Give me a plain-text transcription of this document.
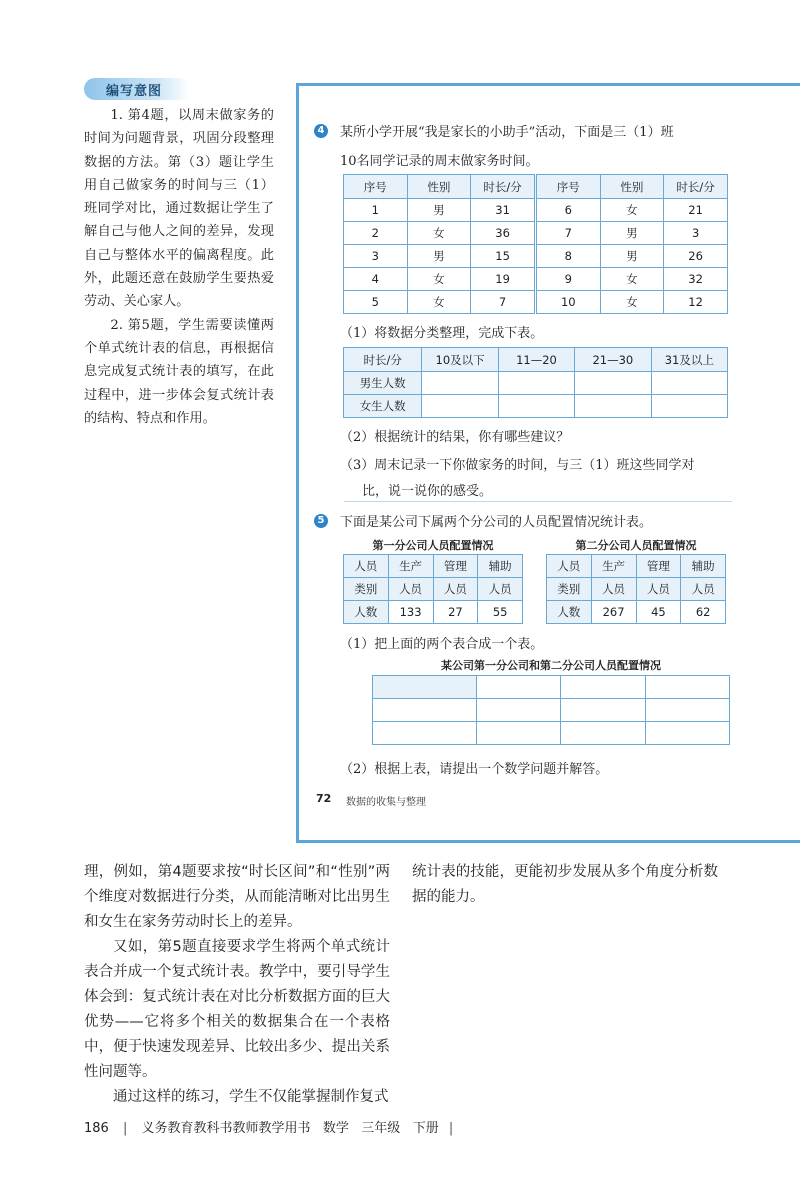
编写意图

1. 第4题，以周末做家务的时间为问题背景，巩固分段整理数据的方法。第（3）题让学生用自己做家务的时间与三（1）班同学对比，通过数据让学生了解自己与他人之间的差异，发现自己与整体水平的偏离程度。此外，此题还意在鼓励学生要热爱劳动、关心家人。

2. 第5题，学生需要读懂两个单式统计表的信息，再根据信息完成复式统计表的填写，在此过程中，进一步体会复式统计表的结构、特点和作用。

4 某所小学开展“我是家长的小助手”活动，下面是三（1）班
10名同学记录的周末做家务时间。
序号	性别	时长/分	序号	性别	时长/分
1	男	31	6	女	21
2	女	36	7	男	3
3	男	15	8	男	26
4	女	19	9	女	32
5	女	7	10	女	12
（1）将数据分类整理，完成下表。
时长/分	10及以下	11—20	21—30	31及以上
男生人数				
女生人数				
（2）根据统计的结果，你有哪些建议？
（3）周末记录一下你做家务的时间，与三（1）班这些同学对
比，说一说你的感受。
5 下面是某公司下属两个分公司的人员配置情况统计表。
第一分公司人员配置情况
人员	生产	管理	辅助
类别	人员	人员	人员
人数	133	27	55
第二分公司人员配置情况
人员	生产	管理	辅助
类别	人员	人员	人员
人数	267	45	62
（1）把上面的两个表合成一个表。
某公司第一分公司和第二分公司人员配置情况

（2）根据上表，请提出一个数学问题并解答。
72 数据的收集与整理

理，例如，第4题要求按“时长区间”和“性别”两个维度对数据进行分类，从而能清晰对比出男生和女生在家务劳动时长上的差异。

又如，第5题直接要求学生将两个单式统计表合并成一个复式统计表。教学中，要引导学生体会到：复式统计表在对比分析数据方面的巨大优势——它将多个相关的数据集合在一个表格中，便于快速发现差异、比较出多少、提出关系性问题等。

通过这样的练习，学生不仅能掌握制作复式

统计表的技能，更能初步发展从多个角度分析数据的能力。

186 | 义务教育教科书教师教学用书   数学   三年级   下册 |
